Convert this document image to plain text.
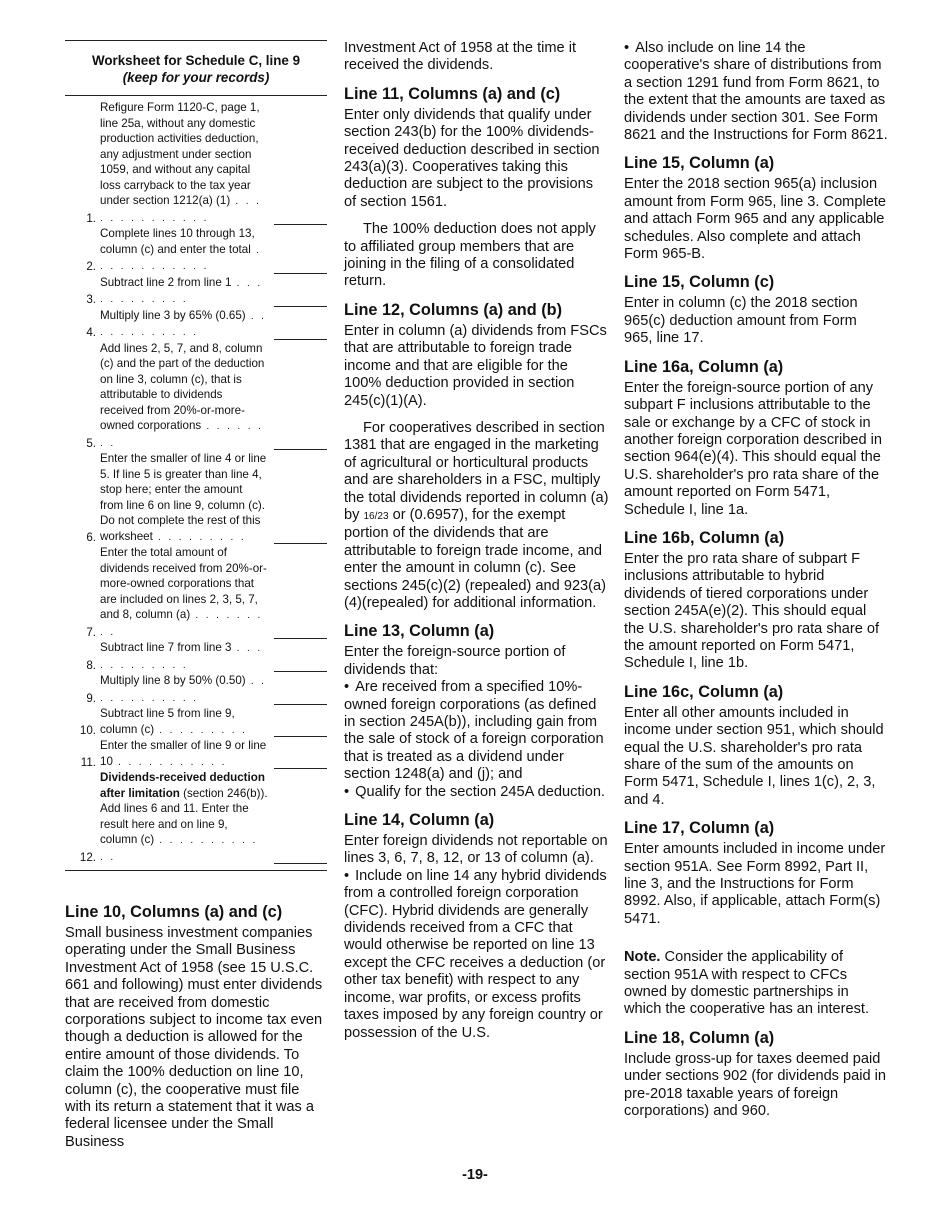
Worksheet for Schedule C, line 9
(keep for your records)
1.
Refigure Form 1120-C, page 1, line 25a, without any domestic production activities deduction, any adjustment under section 1059, and without any capital loss carryback to the tax year under section 1212(a) (1) . . . . . . . . . . . . . .
2.
Complete lines 10 through 13, column (c) and enter the total . . . . . . . . . . . .
3.
Subtract line 2 from line 1 . . . . . . . . . . . .
4.
Multiply line 3 by 65% (0.65) . . . . . . . . . . . .
5.
Add lines 2, 5, 7, and 8, column (c) and the part of the deduction on line 3, column (c), that is attributable to dividends received from 20%-or-more-owned corporations . . . . . . . .
6.
Enter the smaller of line 4 or line 5. If line 5 is greater than line 4, stop here; enter the amount from line 6 on line 9, column (c). Do not complete the rest of this worksheet . . . . . . . . .
7.
Enter the total amount of dividends received from 20%-or-more-owned corporations that are included on lines 2, 3, 5, 7, and 8, column (a) . . . . . . . . .
8.
Subtract line 7 from line 3 . . . . . . . . . . . .
9.
Multiply line 8 by 50% (0.50) . . . . . . . . . . . .
10.
Subtract line 5 from line 9, column (c) . . . . . . . . .
11.
Enter the smaller of line 9 or line 10 . . . . . . . . . . .
12.
Dividends-received deduction after limitation (section 246(b)). Add lines 6 and 11. Enter the result here and on line 9, column (c) . . . . . . . . . . . .
Line 10, Columns (a) and (c)

Small business investment companies operating under the Small Business Investment Act of 1958 (see 15 U.S.C. 661 and following) must enter dividends that are received from domestic corporations subject to income tax even though a deduction is allowed for the entire amount of those dividends. To claim the 100% deduction on line 10, column (c), the cooperative must file with its return a statement that it was a federal licensee under the Small Business

Investment Act of 1958 at the time it received the dividends.

Line 11, Columns (a) and (c)

Enter only dividends that qualify under section 243(b) for the 100% dividends-received deduction described in section 243(a)(3). Cooperatives taking this deduction are subject to the provisions of section 1561.

The 100% deduction does not apply to affiliated group members that are joining in the filing of a consolidated return.

Line 12, Columns (a) and (b)

Enter in column (a) dividends from FSCs that are attributable to foreign trade income and that are eligible for the 100% deduction provided in section 245(c)(1)(A).

For cooperatives described in section 1381 that are engaged in the marketing of agricultural or horticultural products and are shareholders in a FSC, multiply the total dividends reported in column (a) by 16/23 or (0.6957), for the exempt portion of the dividends that are attributable to foreign trade income, and enter the amount in column (c). See sections 245(c)(2) (repealed) and 923(a)(4)(repealed) for additional information.

Line 13, Column (a)

Enter the foreign-source portion of dividends that:

• Are received from a specified 10%-owned foreign corporations (as defined in section 245A(b)), including gain from the sale of stock of a foreign corporation that is treated as a dividend under section 1248(a) and (j); and

• Qualify for the section 245A deduction.

Line 14, Column (a)

Enter foreign dividends not reportable on lines 3, 6, 7, 8, 12, or 13 of column (a).

• Include on line 14 any hybrid dividends from a controlled foreign corporation (CFC). Hybrid dividends are generally dividends received from a CFC that would otherwise be reported on line 13 except the CFC receives a deduction (or other tax benefit) with respect to any income, war profits, or excess profits taxes imposed by any foreign country or possession of the U.S.

• Also include on line 14 the cooperative's share of distributions from a section 1291 fund from Form 8621, to the extent that the amounts are taxed as dividends under section 301. See Form 8621 and the Instructions for Form 8621.

Line 15, Column (a)

Enter the 2018 section 965(a) inclusion amount from Form 965, line 3. Complete and attach Form 965 and any applicable schedules. Also complete and attach Form 965-B.

Line 15, Column (c)

Enter in column (c) the 2018 section 965(c) deduction amount from Form 965, line 17.

Line 16a, Column (a)

Enter the foreign-source portion of any subpart F inclusions attributable to the sale or exchange by a CFC of stock in another foreign corporation described in section 964(e)(4). This should equal the U.S. shareholder's pro rata share of the amount reported on Form 5471, Schedule I, line 1a.

Line 16b, Column (a)

Enter the pro rata share of subpart F inclusions attributable to hybrid dividends of tiered corporations under section 245A(e)(2). This should equal the U.S. shareholder's pro rata share of the amount reported on Form 5471, Schedule I, line 1b.

Line 16c, Column (a)

Enter all other amounts included in income under section 951, which should equal the U.S. shareholder's pro rata share of the sum of the amounts on Form 5471, Schedule I, lines 1(c), 2, 3, and 4.

Line 17, Column (a)

Enter amounts included in income under section 951A. See Form 8992, Part II, line 3, and the Instructions for Form 8992. Also, if applicable, attach Form(s) 5471.

Note. Consider the applicability of section 951A with respect to CFCs owned by domestic partnerships in which the cooperative has an interest.

Line 18, Column (a)

Include gross-up for taxes deemed paid under sections 902 (for dividends paid in pre-2018 taxable years of foreign corporations) and 960.

-19-
